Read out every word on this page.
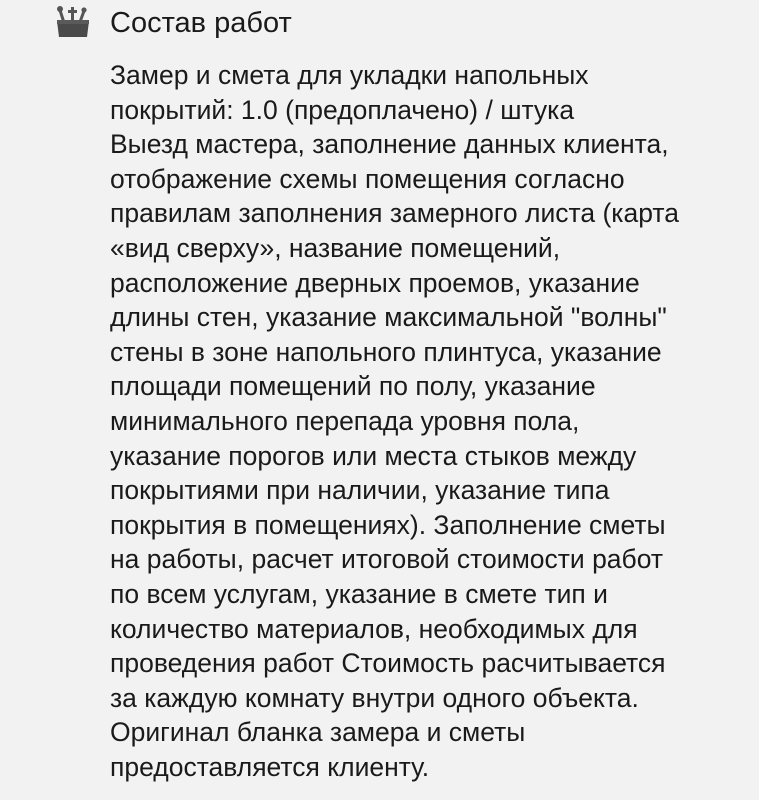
Состав работ
Замер и смета для укладки напольных
покрытий: 1.0 (предоплачено) / штука
Выезд мастера, заполнение данных клиента,
отображение схемы помещения согласно
правилам заполнения замерного листа (карта
«вид сверху», название помещений,
расположение дверных проемов, указание
длины стен, указание максимальной "волны"
стены в зоне напольного плинтуса, указание
площади помещений по полу, указание
минимального перепада уровня пола,
указание порогов или места стыков между
покрытиями при наличии, указание типа
покрытия в помещениях). Заполнение сметы
на работы, расчет итоговой стоимости работ
по всем услугам, указание в смете тип и
количество материалов, необходимых для
проведения работ Стоимость расчитывается
за каждую комнату внутри одного объекта.
Оригинал бланка замера и сметы
предоставляется клиенту.
